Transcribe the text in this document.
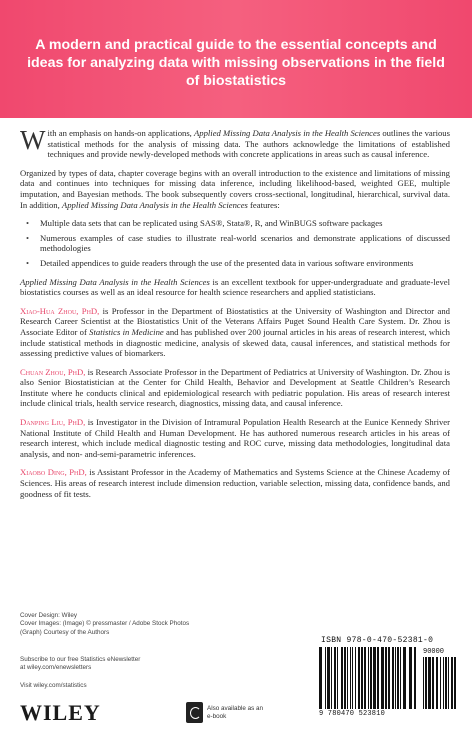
A modern and practical guide to the essential concepts and ideas for analyzing data with missing observations in the field of biostatistics

With an emphasis on hands-on applications, Applied Missing Data Analysis in the Health Sciences outlines the various statistical methods for the analysis of missing data. The authors acknowledge the limitations of established techniques and provide newly-developed methods with concrete applications in areas such as causal inference.

Organized by types of data, chapter coverage begins with an overall introduction to the existence and limitations of missing data and continues into techniques for missing data inference, including likelihood-based, weighted GEE, multiple imputation, and Bayesian methods. The book subsequently covers cross-sectional, longitudinal, hierarchical, survival data. In addition, Applied Missing Data Analysis in the Health Sciences features:

• Multiple data sets that can be replicated using SAS®, Stata®, R, and WinBUGS software packages
• Numerous examples of case studies to illustrate real-world scenarios and demonstrate applications of discussed methodologies
• Detailed appendices to guide readers through the use of the presented data in various software environments

Applied Missing Data Analysis in the Health Sciences is an excellent textbook for upper-undergraduate and graduate-level biostatistics courses as well as an ideal resource for health science researchers and applied statisticians.

Xiao-Hua Zhou, PhD, is Professor in the Department of Biostatistics at the University of Washington and Director and Research Career Scientist at the Biostatistics Unit of the Veterans Affairs Puget Sound Health Care System. Dr. Zhou is Associate Editor of Statistics in Medicine and has published over 200 journal articles in his areas of research interest, which include statistical methods in diagnostic medicine, analysis of skewed data, causal inferences, and statistical methods for assessing predictive values of biomarkers.

Chuan Zhou, PhD, is Research Associate Professor in the Department of Pediatrics at University of Washington. Dr. Zhou is also Senior Biostatistician at the Center for Child Health, Behavior and Development at Seattle Children’s Research Institute where he conducts clinical and epidemiological research with pediatric population. His areas of research interest include clinical trials, health service research, diagnostics, missing data, and causal inference.

Danping Liu, PhD, is Investigator in the Division of Intramural Population Health Research at the Eunice Kennedy Shriver National Institute of Child Health and Human Development. He has authored numerous research articles in his areas of research interest, which include medical diagnostic testing and ROC curve, missing data methodologies, longitudinal data analysis, and non- and-semi-parametric inferences.

Xiaobo Ding, PhD, is Assistant Professor in the Academy of Mathematics and Systems Science at the Chinese Academy of Sciences. His areas of research interest include dimension reduction, variable selection, missing data, confidence bands, and goodness of fit tests.

Cover Design: Wiley
Cover Images: (Image) © pressmaster / Adobe Stock Photos
(Graph) Courtesy of the Authors
Subscribe to our free Statistics eNewsletter
at wiley.com/enewsletters
Visit wiley.com/statistics
WILEY	Also available as an e-book
ISBN 978-0-470-52381-0
90000
9 780470 523810
